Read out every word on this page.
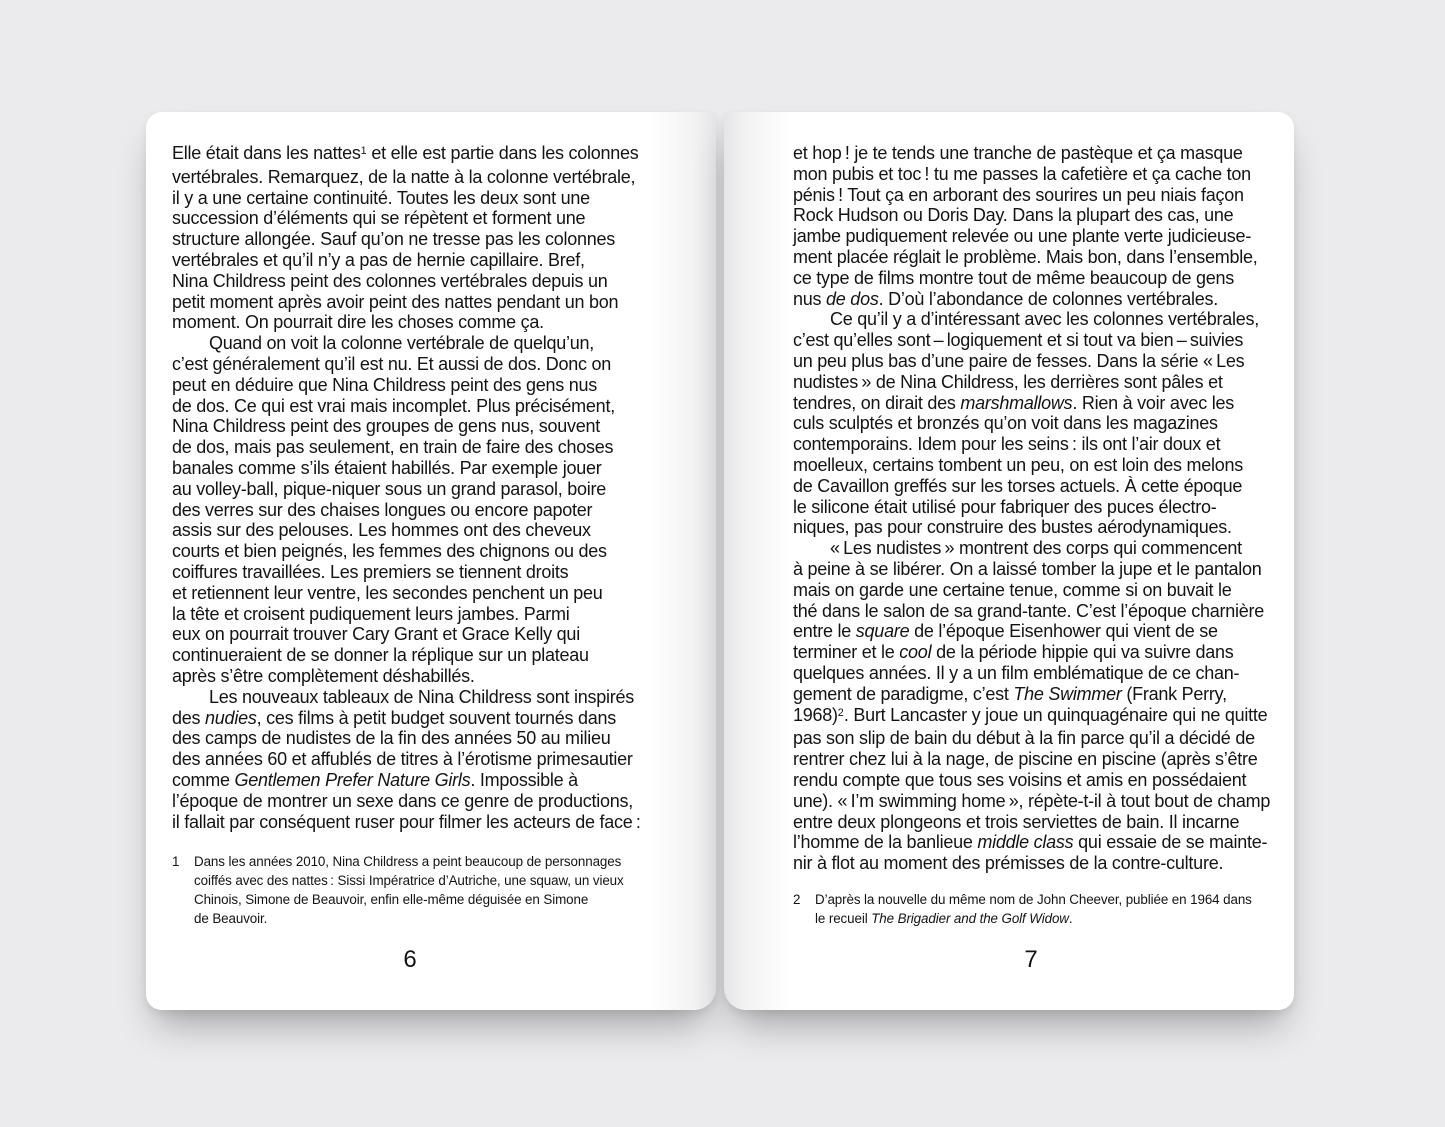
Elle était dans les nattes$^1$ et elle est partie dans les colonnes
vertébrales. Remarquez, de la natte à la colonne vertébrale,
il y a une certaine continuité. Toutes les deux sont une
succession d’éléments qui se répètent et forment une
structure allongée. Sauf qu’on ne tresse pas les colonnes
vertébrales et qu’il n’y a pas de hernie capillaire. Bref,
Nina Childress peint des colonnes vertébrales depuis un
petit moment après avoir peint des nattes pendant un bon
moment. On pourrait dire les choses comme ça.
Quand on voit la colonne vertébrale de quelqu’un,
c’est généralement qu’il est nu. Et aussi de dos. Donc on
peut en déduire que Nina Childress peint des gens nus
de dos. Ce qui est vrai mais incomplet. Plus précisément,
Nina Childress peint des groupes de gens nus, souvent
de dos, mais pas seulement, en train de faire des choses
banales comme s’ils étaient habillés. Par exemple jouer
au volley-ball, pique-niquer sous un grand parasol, boire
des verres sur des chaises longues ou encore papoter
assis sur des pelouses. Les hommes ont des cheveux
courts et bien peignés, les femmes des chignons ou des
coiffures travaillées. Les premiers se tiennent droits
et retiennent leur ventre, les secondes penchent un peu
la tête et croisent pudiquement leurs jambes. Parmi
eux on pourrait trouver Cary Grant et Grace Kelly qui
continueraient de se donner la réplique sur un plateau
après s’être complètement déshabillés.
Les nouveaux tableaux de Nina Childress sont inspirés
des nudies, ces films à petit budget souvent tournés dans
des camps de nudistes de la fin des années 50 au milieu
des années 60 et affublés de titres à l’érotisme primesautier
comme Gentlemen Prefer Nature Girls. Impossible à
l’époque de montrer un sexe dans ce genre de productions,
il fallait par conséquent ruser pour filmer les acteurs de face :
1	Dans les années 2010, Nina Childress a peint beaucoup de personnages
coiffés avec des nattes : Sissi Impératrice d’Autriche, une squaw, un vieux
Chinois, Simone de Beauvoir, enfin elle-même déguisée en Simone
de Beauvoir.
6
et hop ! je te tends une tranche de pastèque et ça masque
mon pubis et toc ! tu me passes la cafetière et ça cache ton
pénis ! Tout ça en arborant des sourires un peu niais façon
Rock Hudson ou Doris Day. Dans la plupart des cas, une
jambe pudiquement relevée ou une plante verte judicieuse-
ment placée réglait le problème. Mais bon, dans l’ensemble,
ce type de films montre tout de même beaucoup de gens
nus de dos. D’où l’abondance de colonnes vertébrales.
Ce qu’il y a d’intéressant avec les colonnes vertébrales,
c’est qu’elles sont – logiquement et si tout va bien – suivies
un peu plus bas d’une paire de fesses. Dans la série « Les
nudistes » de Nina Childress, les derrières sont pâles et
tendres, on dirait des marshmallows. Rien à voir avec les
culs sculptés et bronzés qu’on voit dans les magazines
contemporains. Idem pour les seins : ils ont l’air doux et
moelleux, certains tombent un peu, on est loin des melons
de Cavaillon greffés sur les torses actuels. À cette époque
le silicone était utilisé pour fabriquer des puces électro-
niques, pas pour construire des bustes aérodynamiques.
« Les nudistes » montrent des corps qui commencent
à peine à se libérer. On a laissé tomber la jupe et le pantalon
mais on garde une certaine tenue, comme si on buvait le
thé dans le salon de sa grand-tante. C’est l’époque charnière
entre le square de l’époque Eisenhower qui vient de se
terminer et le cool de la période hippie qui va suivre dans
quelques années. Il y a un film emblématique de ce chan-
gement de paradigme, c’est The Swimmer (Frank Perry,
1968)$^2$. Burt Lancaster y joue un quinquagénaire qui ne quitte
pas son slip de bain du début à la fin parce qu’il a décidé de
rentrer chez lui à la nage, de piscine en piscine (après s’être
rendu compte que tous ses voisins et amis en possédaient
une). « I’m swimming home », répète-t-il à tout bout de champ
entre deux plongeons et trois serviettes de bain. Il incarne
l’homme de la banlieue middle class qui essaie de se mainte-
nir à flot au moment des prémisses de la contre-culture.
2	D’après la nouvelle du même nom de John Cheever, publiée en 1964 dans
le recueil The Brigadier and the Golf Widow.
7
